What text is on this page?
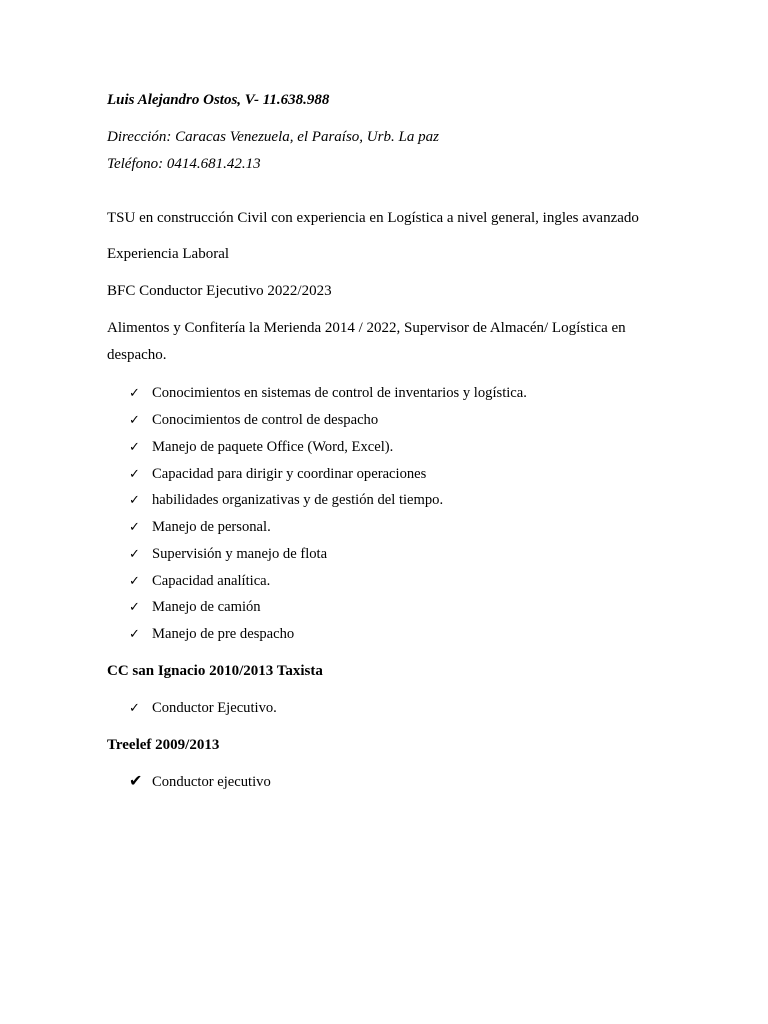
Luis Alejandro Ostos, V- 11.638.988
Dirección: Caracas Venezuela, el Paraíso, Urb. La paz
Teléfono: 0414.681.42.13
TSU en construcción Civil con experiencia en Logística a nivel general, ingles avanzado
Experiencia Laboral
BFC Conductor Ejecutivo 2022/2023
Alimentos y Confitería la Merienda 2014 / 2022, Supervisor de Almacén/ Logística en despacho.
✓ Conocimientos en sistemas de control de inventarios y logística.
✓ Conocimientos de control de despacho
✓ Manejo de paquete Office (Word, Excel).
✓ Capacidad para dirigir y coordinar operaciones
✓ habilidades organizativas y de gestión del tiempo.
✓ Manejo de personal.
✓ Supervisión y manejo de flota
✓ Capacidad analítica.
✓ Manejo de camión
✓ Manejo de pre despacho
CC san Ignacio 2010/2013 Taxista
✓ Conductor Ejecutivo.
Treelef 2009/2013
✔ Conductor ejecutivo
